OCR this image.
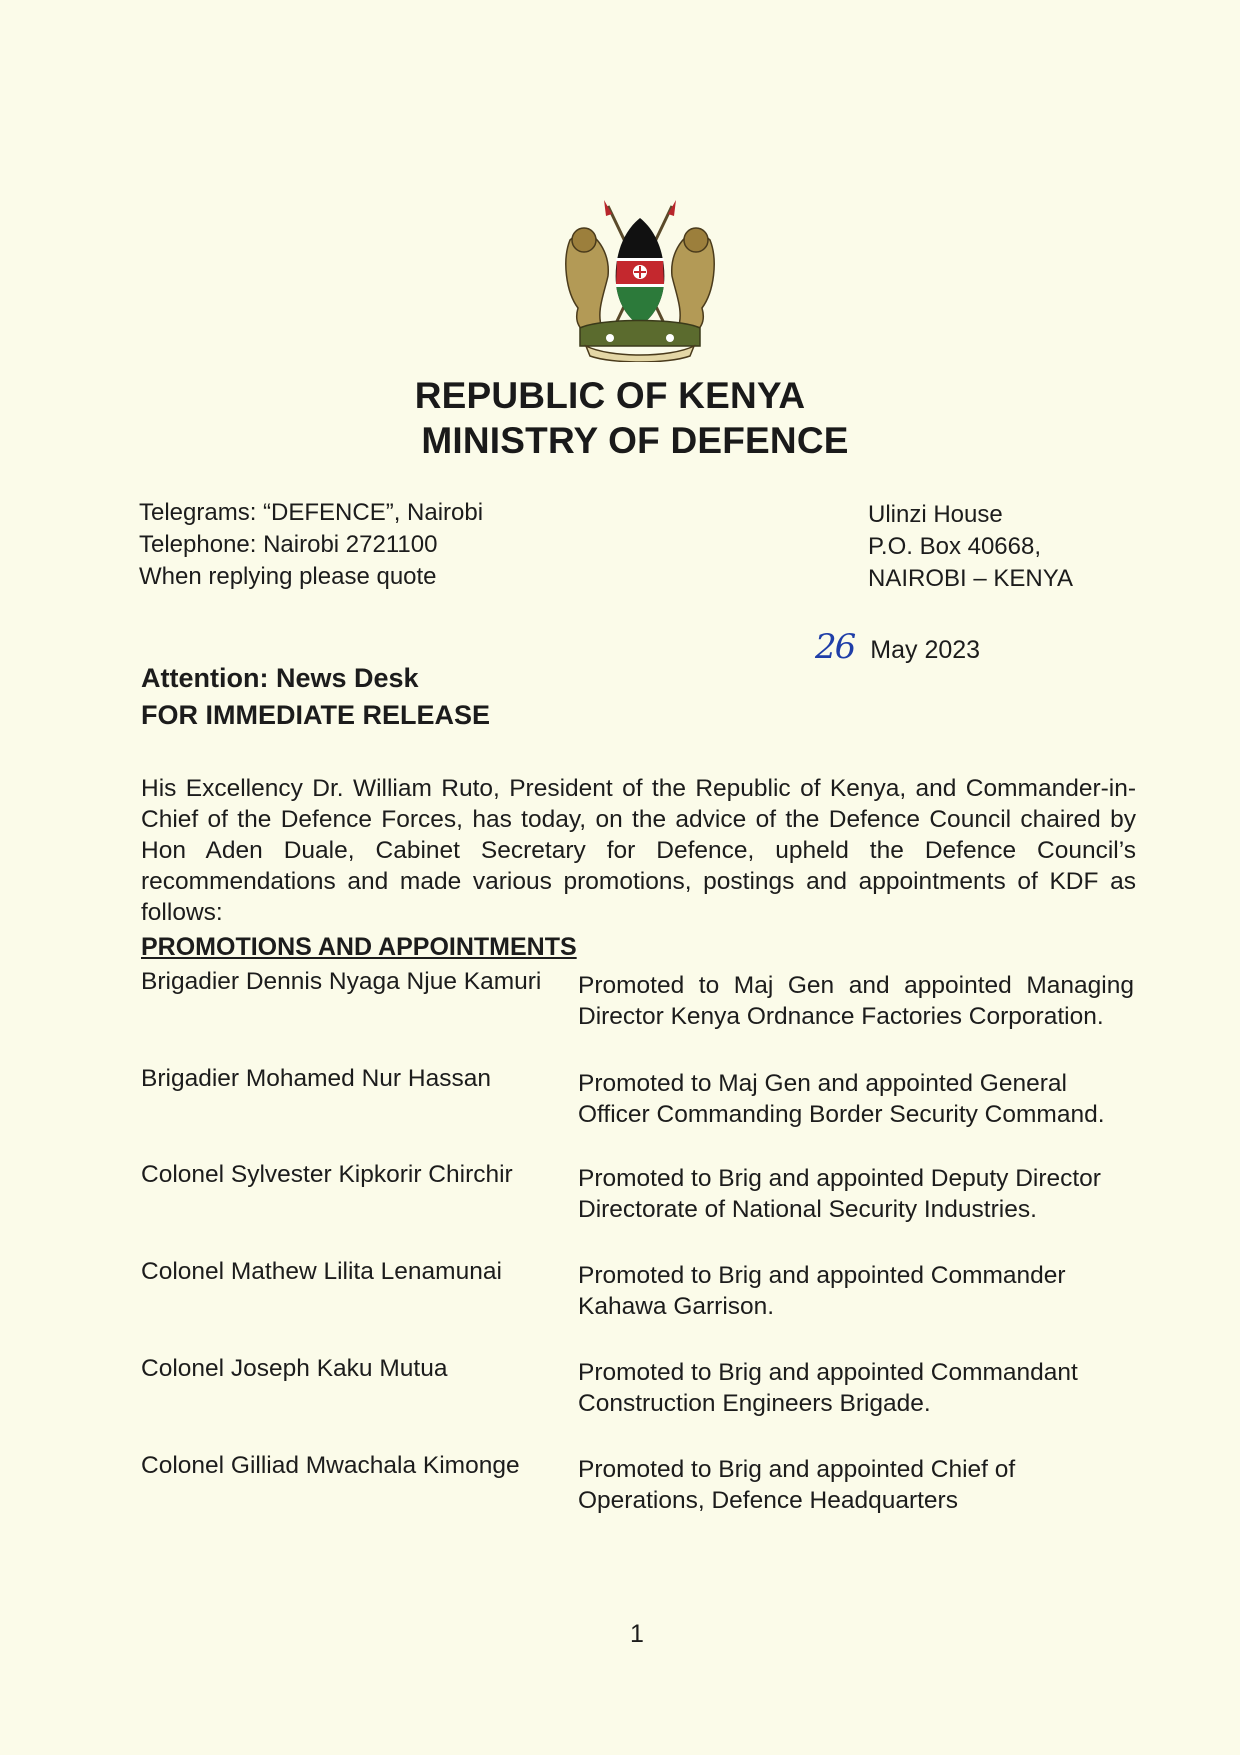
REPUBLIC OF KENYA
MINISTRY OF DEFENCE
Telegrams: “DEFENCE”, Nairobi
Telephone: Nairobi 2721100
When replying please quote
Ulinzi House
P.O. Box 40668,
NAIROBI – KENYA
26 May 2023
Attention: News Desk
FOR IMMEDIATE RELEASE
His Excellency Dr. William Ruto, President of the Republic of Kenya, and Commander-in-Chief of the Defence Forces, has today, on the advice of the Defence Council chaired by Hon Aden Duale, Cabinet Secretary for Defence, upheld the Defence Council’s recommendations and made various promotions, postings and appointments of KDF as follows:
PROMOTIONS AND APPOINTMENTS
Brigadier Dennis Nyaga Njue Kamuri	Promoted to Maj Gen and appointed Managing Director Kenya Ordnance Factories Corporation.
Brigadier Mohamed Nur Hassan	Promoted to Maj Gen and appointed General Officer Commanding Border Security Command.
Colonel Sylvester Kipkorir Chirchir	Promoted to Brig and appointed Deputy Director Directorate of National Security Industries.
Colonel Mathew Lilita Lenamunai	Promoted to Brig and appointed Commander Kahawa Garrison.
Colonel Joseph Kaku Mutua	Promoted to Brig and appointed Commandant Construction Engineers Brigade.
Colonel Gilliad Mwachala Kimonge	Promoted to Brig and appointed Chief of Operations, Defence Headquarters
1
